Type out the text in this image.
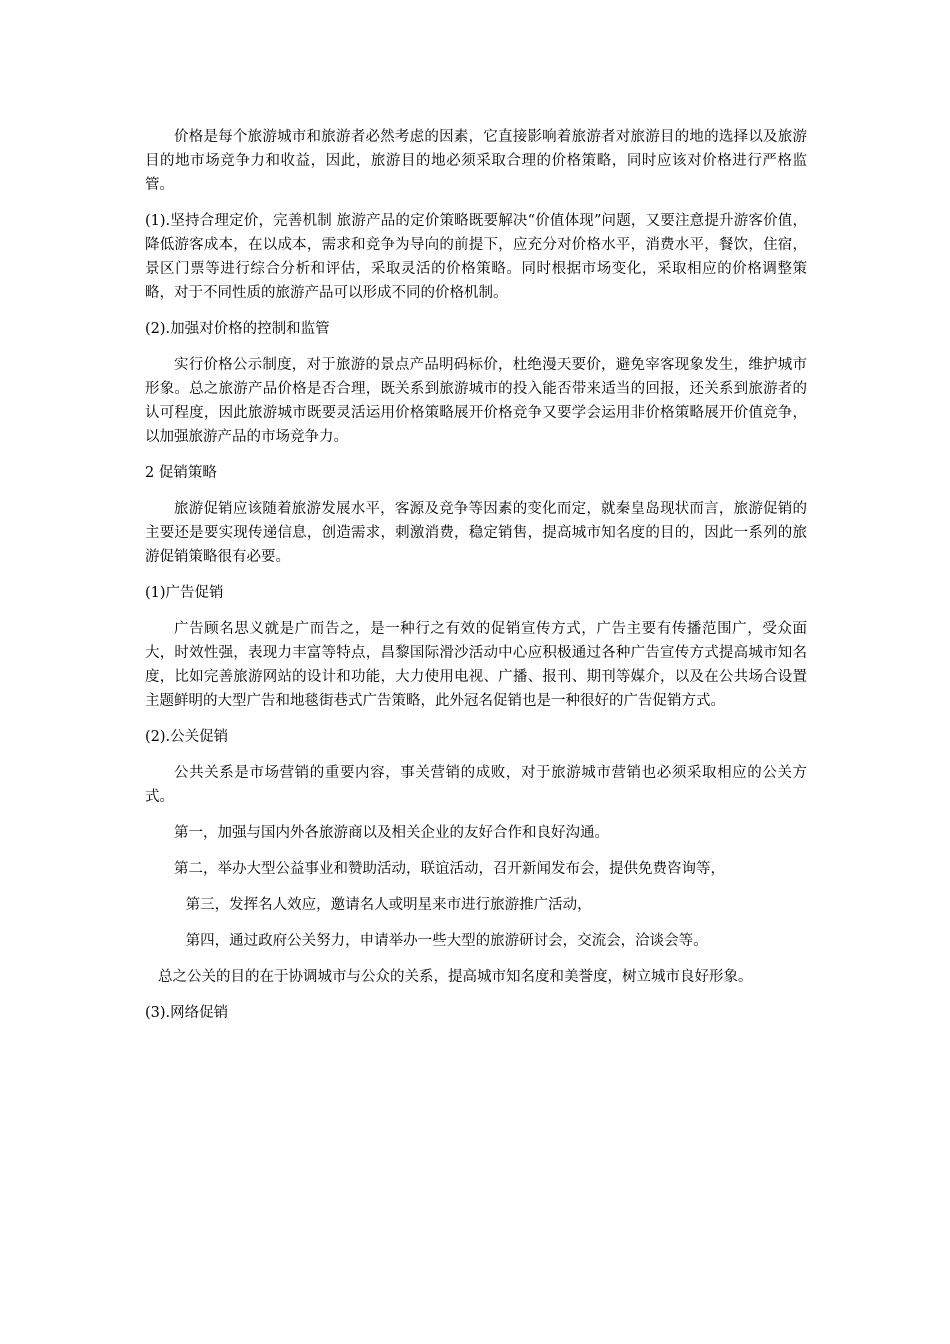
价格是每个旅游城市和旅游者必然考虑的因素，它直接影响着旅游者对旅游目的地的选择以及旅游目的地市场竞争力和收益，因此，旅游目的地必须采取合理的价格策略，同时应该对价格进行严格监管。

(1).坚持合理定价，完善机制 旅游产品的定价策略既要解决“价值体现”问题，又要注意提升游客价值，降低游客成本，在以成本，需求和竞争为导向的前提下，应充分对价格水平，消费水平，餐饮，住宿，景区门票等进行综合分析和评估，采取灵活的价格策略。同时根据市场变化，采取相应的价格调整策略，对于不同性质的旅游产品可以形成不同的价格机制。

(2).加强对价格的控制和监管

实行价格公示制度，对于旅游的景点产品明码标价，杜绝漫天要价，避免宰客现象发生，维护城市形象。总之旅游产品价格是否合理，既关系到旅游城市的投入能否带来适当的回报，还关系到旅游者的认可程度，因此旅游城市既要灵活运用价格策略展开价格竞争又要学会运用非价格策略展开价值竞争，以加强旅游产品的市场竞争力。

2 促销策略

旅游促销应该随着旅游发展水平，客源及竞争等因素的变化而定，就秦皇岛现状而言，旅游促销的主要还是要实现传递信息，创造需求，刺激消费，稳定销售，提高城市知名度的目的，因此一系列的旅游促销策略很有必要。

(1)广告促销

广告顾名思义就是广而告之，是一种行之有效的促销宣传方式，广告主要有传播范围广，受众面大，时效性强，表现力丰富等特点，昌黎国际滑沙活动中心应积极通过各种广告宣传方式提高城市知名度，比如完善旅游网站的设计和功能，大力使用电视、广播、报刊、期刊等媒介，以及在公共场合设置主题鲜明的大型广告和地毯街巷式广告策略，此外冠名促销也是一种很好的广告促销方式。

(2).公关促销

公共关系是市场营销的重要内容，事关营销的成败，对于旅游城市营销也必须采取相应的公关方式。

第一，加强与国内外各旅游商以及相关企业的友好合作和良好沟通。

第二，举办大型公益事业和赞助活动，联谊活动，召开新闻发布会，提供免费咨询等，

第三，发挥名人效应，邀请名人或明星来市进行旅游推广活动，

第四，通过政府公关努力，申请举办一些大型的旅游研讨会，交流会，洽谈会等。

总之公关的目的在于协调城市与公众的关系，提高城市知名度和美誉度，树立城市良好形象。

(3).网络促销
